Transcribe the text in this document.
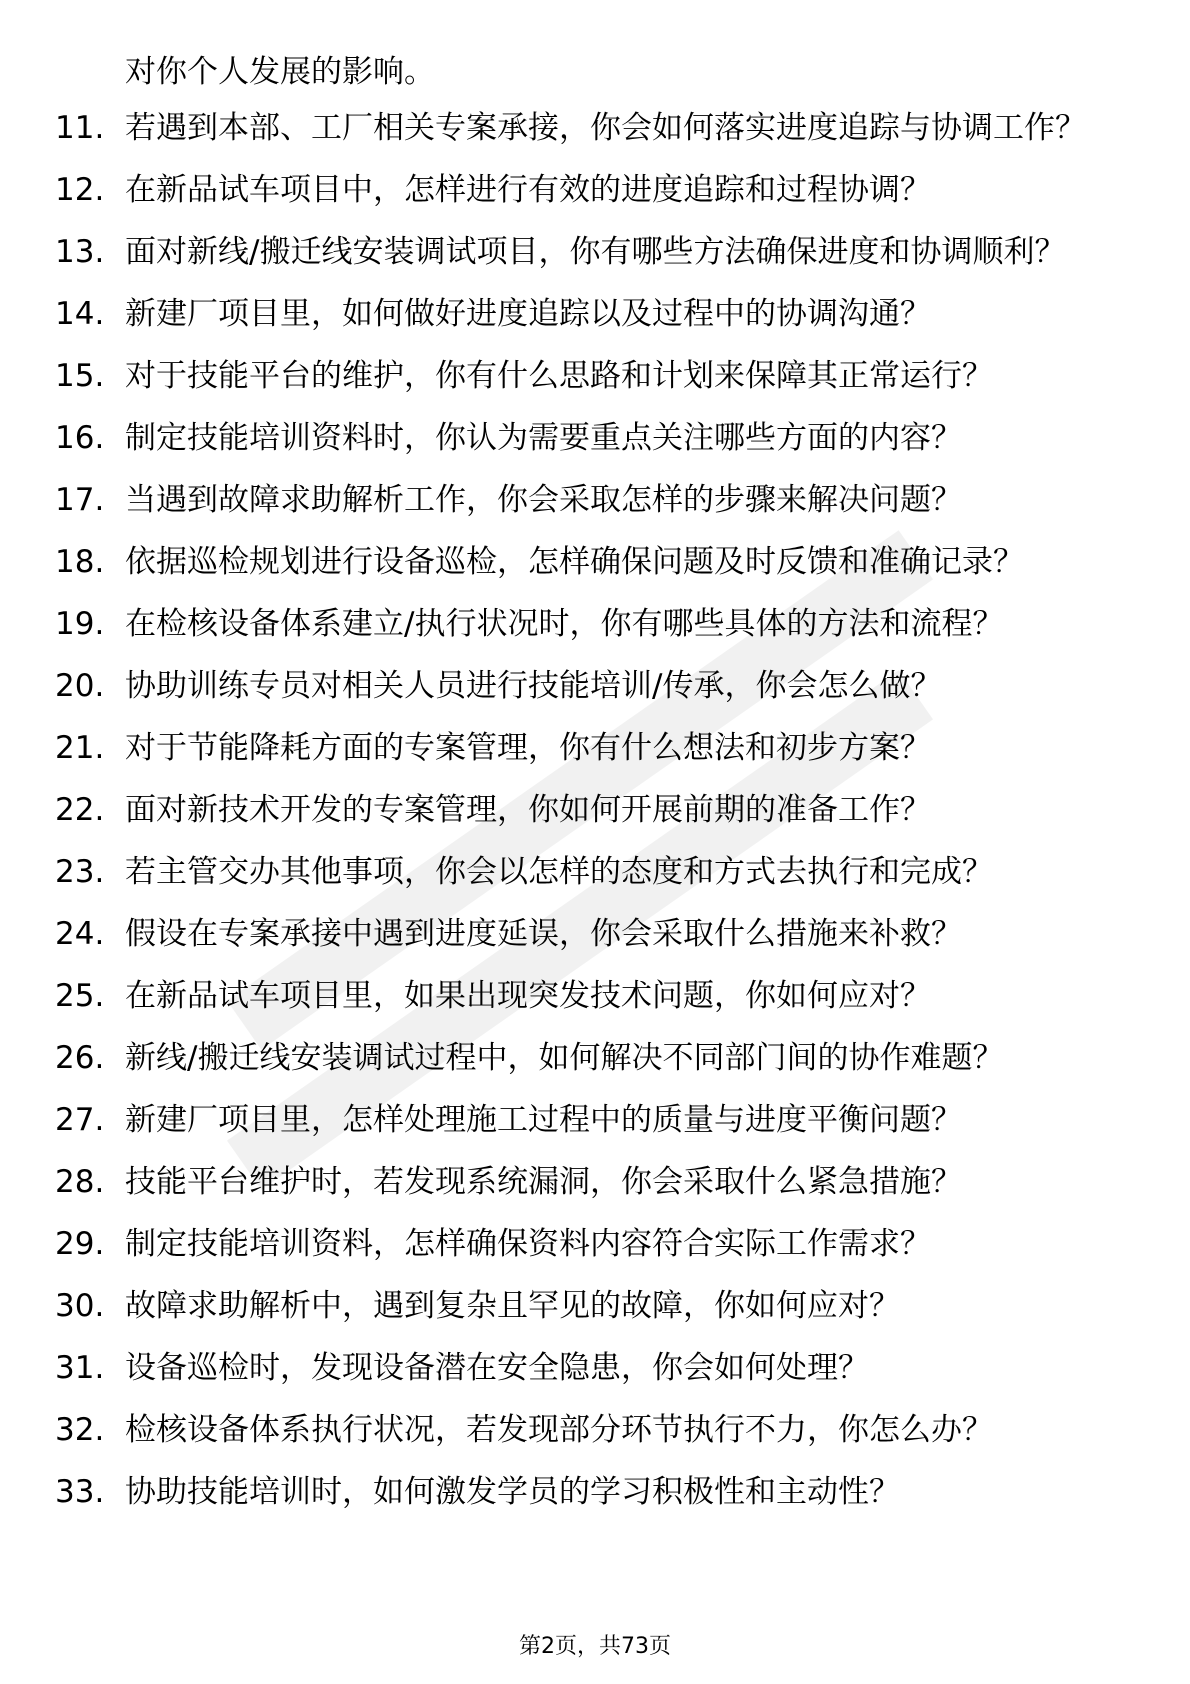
对你个人发展的影响。
11. 若遇到本部、工厂相关专案承接，你会如何落实进度追踪与协调工作？
12. 在新品试车项目中，怎样进行有效的进度追踪和过程协调？
13. 面对新线/搬迁线安装调试项目，你有哪些方法确保进度和协调顺利？
14. 新建厂项目里，如何做好进度追踪以及过程中的协调沟通？
15. 对于技能平台的维护，你有什么思路和计划来保障其正常运行？
16. 制定技能培训资料时，你认为需要重点关注哪些方面的内容？
17. 当遇到故障求助解析工作，你会采取怎样的步骤来解决问题？
18. 依据巡检规划进行设备巡检，怎样确保问题及时反馈和准确记录？
19. 在检核设备体系建立/执行状况时，你有哪些具体的方法和流程？
20. 协助训练专员对相关人员进行技能培训/传承，你会怎么做？
21. 对于节能降耗方面的专案管理，你有什么想法和初步方案？
22. 面对新技术开发的专案管理，你如何开展前期的准备工作？
23. 若主管交办其他事项，你会以怎样的态度和方式去执行和完成？
24. 假设在专案承接中遇到进度延误，你会采取什么措施来补救？
25. 在新品试车项目里，如果出现突发技术问题，你如何应对？
26. 新线/搬迁线安装调试过程中，如何解决不同部门间的协作难题？
27. 新建厂项目里，怎样处理施工过程中的质量与进度平衡问题？
28. 技能平台维护时，若发现系统漏洞，你会采取什么紧急措施？
29. 制定技能培训资料，怎样确保资料内容符合实际工作需求？
30. 故障求助解析中，遇到复杂且罕见的故障，你如何应对？
31. 设备巡检时，发现设备潜在安全隐患，你会如何处理？
32. 检核设备体系执行状况，若发现部分环节执行不力，你怎么办？
33. 协助技能培训时，如何激发学员的学习积极性和主动性？
第2页，共73页
